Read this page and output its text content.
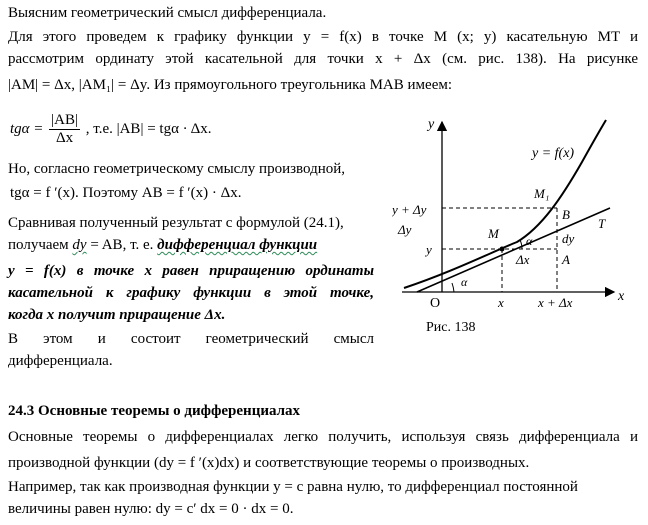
Выясним геометрический смысл дифференциала.
Для этого проведем к графику функции y = f(x) в точке M (x; y) касательную MT и
рассмотрим ординату этой касательной для точки x + Δx (см. рис. 138). На рисунке
|AM| = Δx, |AM₁| = Δy. Из прямоугольного треугольника MAB имеем:
$tg\alpha = \frac{|AB|}{\Delta x}$ , т.е. |AB| = tgα · Δx.
Но, согласно геометрическому смыслу производной,
tgα = f ′(x). Поэтому AB = f ′(x) · Δx.
Сравнивая полученный результат с формулой (24.1),
получаем dy = AB, т. е. дифференциал функции
y = f(x) в точке x равен приращению ординаты
касательной к графику функции в этой точке,
когда x получит приращение Δx.
В этом и состоит геометрический смысл
дифференциала.
24.3 Основные теоремы о дифференциалах
Основные теоремы о дифференциалах легко получить, используя связь дифференциала и
производной функции (dy = f ′(x)dx) и соответствующие теоремы о производных.
Например, так как производная функции y = c равна нулю, то дифференциал постоянной
величины равен нулю: dy = c′ dx = 0 · dx = 0.
y
x
O
y = f(x)
M₁
B
T
M α
α
dy
Δx	A
y + Δy
Δy
y
x	x + Δx
Рис. 138
